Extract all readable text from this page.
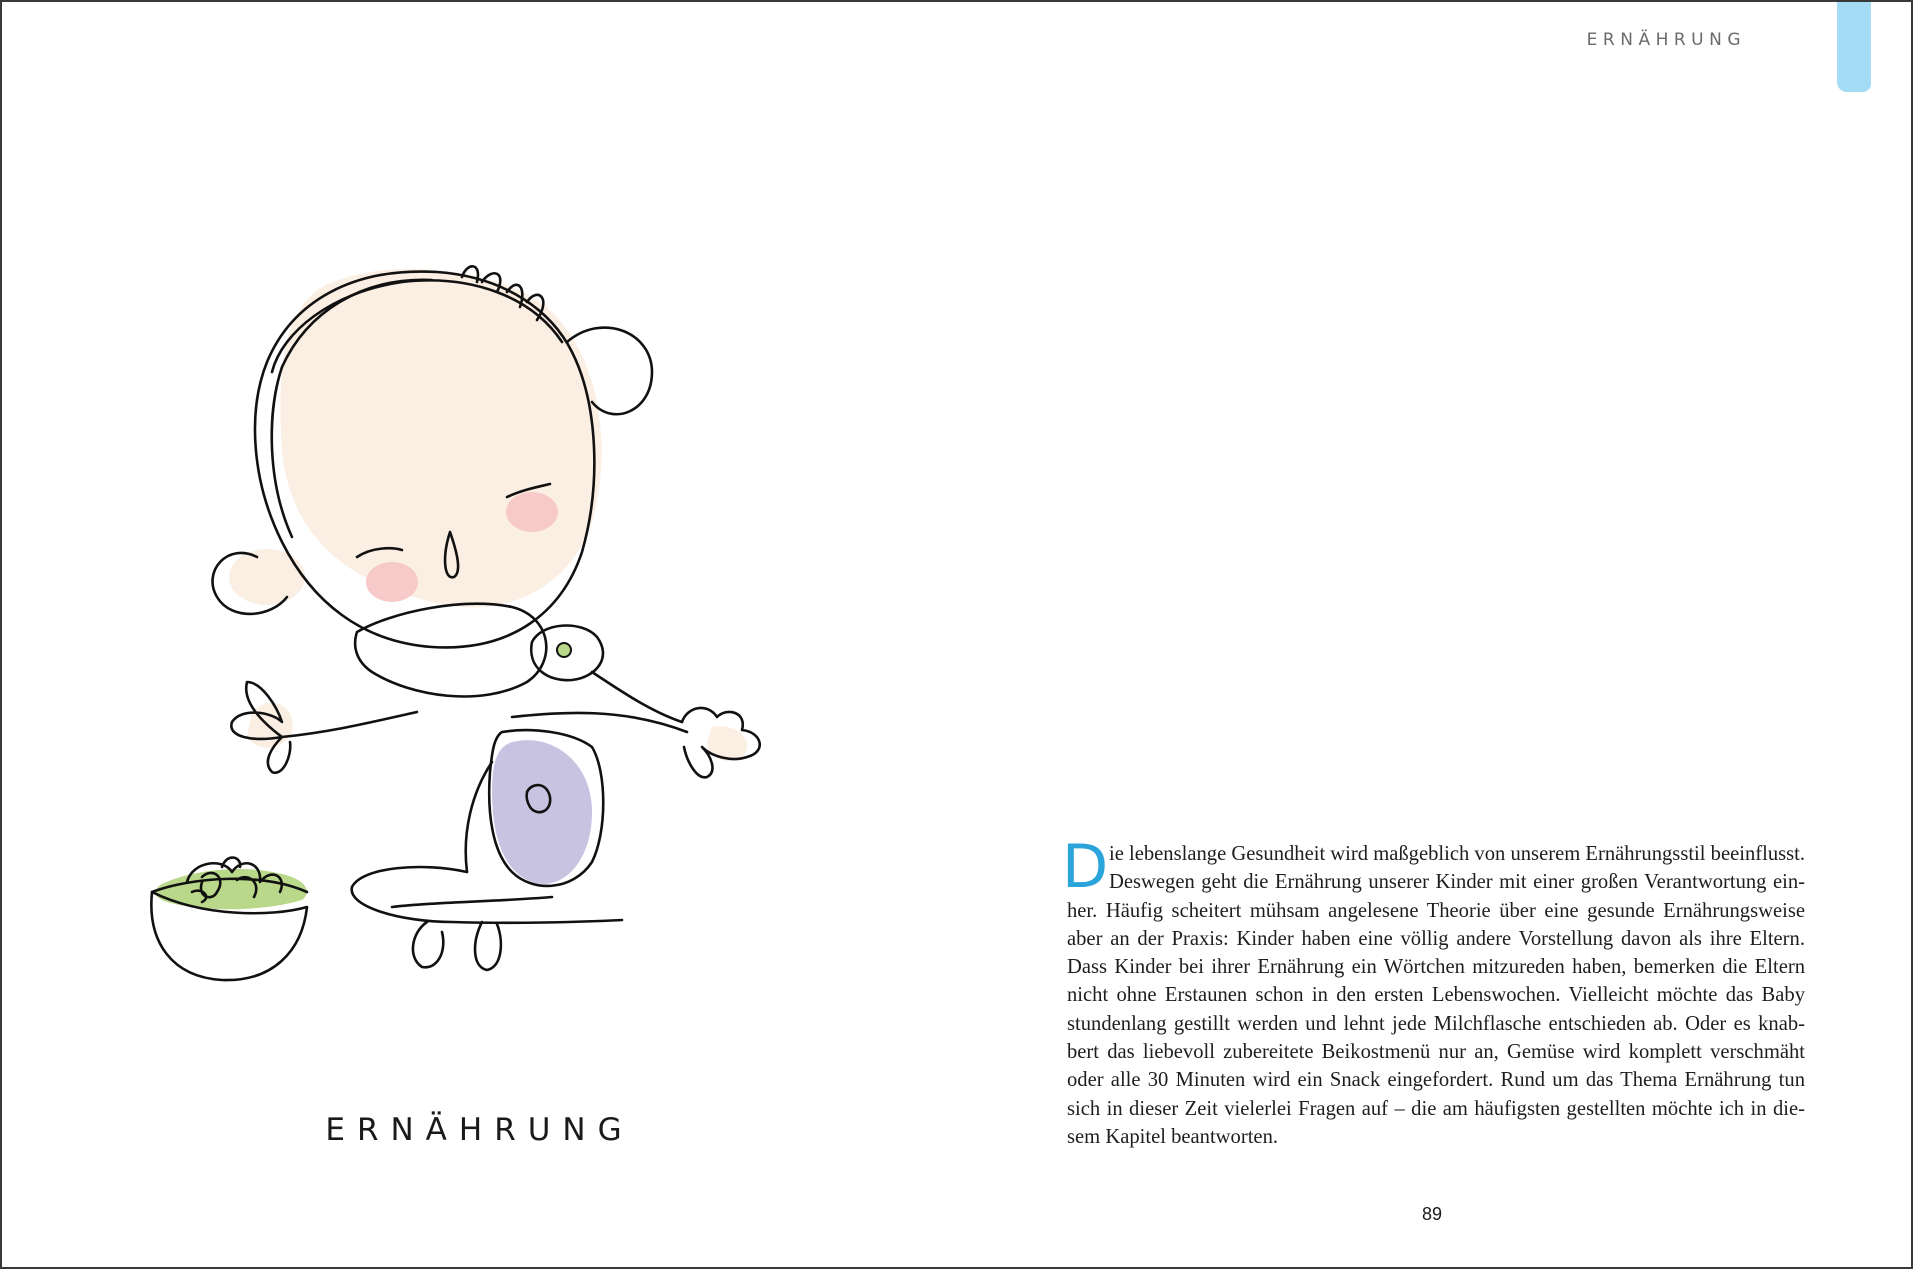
ERNÄHRUNG
ERNÄHRUNG
D ie lebenslange Gesundheit wird maßgeblich von unserem Ernährungsstil beeinflusst.
Deswegen geht die Ernährung unserer Kinder mit einer großen Verantwortung ein-
her. Häufig scheitert mühsam angelesene Theorie über eine gesunde Ernährungsweise
aber an der Praxis: Kinder haben eine völlig andere Vorstellung davon als ihre Eltern.
Dass Kinder bei ihrer Ernährung ein Wörtchen mitzureden haben, bemerken die Eltern
nicht ohne Erstaunen schon in den ersten Lebenswochen. Vielleicht möchte das Baby
stundenlang gestillt werden und lehnt jede Milchflasche entschieden ab. Oder es knab-
bert das liebevoll zubereitete Beikostmenü nur an, Gemüse wird komplett verschmäht
oder alle 30 Minuten wird ein Snack eingefordert. Rund um das Thema Ernährung tun
sich in dieser Zeit vielerlei Fragen auf – die am häufigsten gestellten möchte ich in die-
sem Kapitel beantworten.
89
